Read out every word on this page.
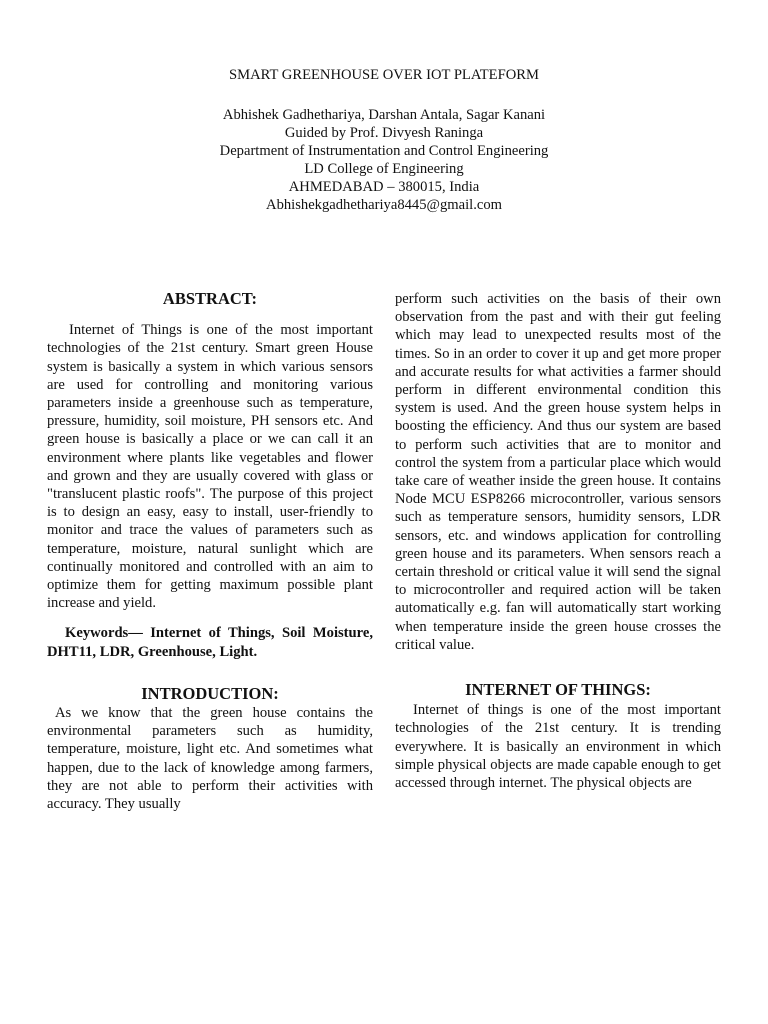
SMART GREENHOUSE OVER IOT PLATEFORM
Abhishek Gadhethariya, Darshan Antala, Sagar Kanani
Guided by Prof. Divyesh Raninga
Department of Instrumentation and Control Engineering
LD College of Engineering
AHMEDABAD – 380015, India
Abhishekgadhethariya8445@gmail.com
ABSTRACT:

Internet of Things is one of the most important technologies of the 21st century. Smart green House system is basically a system in which various sensors are used for controlling and monitoring various parameters inside a greenhouse such as temperature, pressure, humidity, soil moisture, PH sensors etc. And green house is basically a place or we can call it an environment where plants like vegetables and flower and grown and they are usually covered with glass or "translucent plastic roofs". The purpose of this project is to design an easy, easy to install, user-friendly to monitor and trace the values of parameters such as temperature, moisture, natural sunlight which are continually monitored and controlled with an aim to optimize them for getting maximum possible plant increase and yield.

Keywords— Internet of Things, Soil Moisture, DHT11, LDR, Greenhouse, Light.

INTRODUCTION:

As we know that the green house contains the environmental parameters such as humidity, temperature, moisture, light etc. And sometimes what happen, due to the lack of knowledge among farmers, they are not able to perform their activities with accuracy. They usually

perform such activities on the basis of their own observation from the past and with their gut feeling which may lead to unexpected results most of the times. So in an order to cover it up and get more proper and accurate results for what activities a farmer should perform in different environmental condition this system is used. And the green house system helps in boosting the efficiency. And thus our system are based to perform such activities that are to monitor and control the system from a particular place which would take care of weather inside the green house. It contains Node MCU ESP8266 microcontroller, various sensors such as temperature sensors, humidity sensors, LDR sensors, etc. and windows application for controlling green house and its parameters. When sensors reach a certain threshold or critical value it will send the signal to microcontroller and required action will be taken automatically e.g. fan will automatically start working when temperature inside the green house crosses the critical value.

INTERNET OF THINGS:

Internet of things is one of the most important technologies of the 21st century. It is trending everywhere. It is basically an environment in which simple physical objects are made capable enough to get accessed through internet. The physical objects are
